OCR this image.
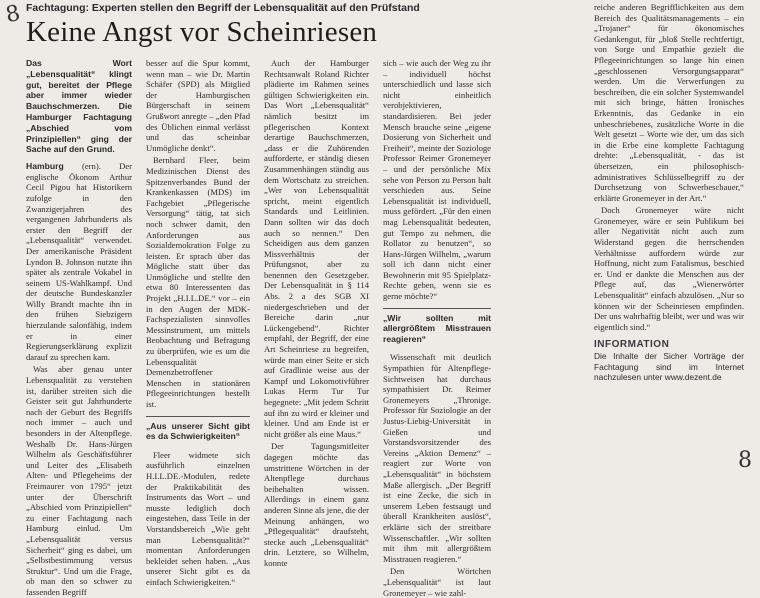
8 Fachtagung: Experten stellen den Begriff der Lebensqualität auf den Prüfstand
Keine Angst vor Scheinriesen

Das Wort „Lebensqualität“ klingt gut, bereitet der Pflege aber immer wieder Bauchschmerzen. Die Hamburger Fachtagung „Abschied vom Prinzipiellen“ ging der Sache auf den Grund.

Hamburg (ern). Der englische Ökonom Arthur Cecil Pigou hat Historikern zufolge in den Zwanzigerjahren des vergangenen Jahrhunderts als erster den Begriff der „Lebensqualität“ verwendet. Der amerikanische Präsident Lyndon B. Johnson nutzte ihn später als zentrale Vokabel in seinem US-Wahlkampf. Und der deutsche Bundeskanzler Willy Brandt machte ihn in den frühen Siebzigern hierzulande salonfähig, indem er in einer Regierungserklärung explizit darauf zu sprechen kam.

Was aber genau unter Lebensqualität zu verstehen ist, darüber streiten sich die Geister seit gut Jahrhunderte nach der Geburt des Begriffs noch immer – auch und besonders in der Altenpflege. Weshalb Dr. Hans-Jürgen Wilhelm als Geschäftsführer und Leiter des „Elisabeth Alten- und Pflegeheims der Freimaurer von 1795“ jetzt unter der Überschrift „Abschied vom Prinzipiellen“ zu einer Fachtagung nach Hamburg einlud. Um „Lebensqualität versus Sicherheit“ ging es dabei, um „Selbstbestimmung versus Struktur“. Und um die Frage, ob man den so schwer zu fassenden Begriff

besser auf die Spur kommt, wenn man – wie Dr. Martin Schäfer (SPD) als Mitglied der Hamburgischen Bürgerschaft in seinem Grußwort anregte – „den Pfad des Üblichen einmal verlässt und das scheinbar Unmögliche denkt“.

Bernhard Fleer, beim Medizinischen Dienst des Spitzenverbandes Bund der Krankenkassen (MDS) im Fachgebiet „Pflegerische Versorgung“ tätig, tat sich noch schwer damit, den Anforderungen aus Sozialdemokration Folge zu leisten. Er sprach über das Mögliche statt über das Unmögliche und stellte den etwa 80 Interessenten das Projekt „H.I.L.DE.“ vor – ein in den Augen der MDK-Fachspezialisten sinnvolles Messinstrument, um mittels Beobachtung und Befragung zu überprüfen, wie es um die Lebensqualität Demenzbetroffener Menschen in stationären Pflegeeinrichtungen bestellt ist.

„Aus unserer Sicht gibt es da Schwierigkeiten“

Fleer widmete sich ausführlich einzelnen H.I.L.DE.-Modulen, redete der Praktikabilität des Instruments das Wort – und musste lediglich doch eingestehen, dass Teile in der Vorstandsbereich „Wie geht man Lebensqualität?“ momentan Anforderungen bekleidet sehen haben. „Aus unserer Sicht gibt es da einfach Schwierigkeiten.“

Auch der Hamburger Rechtsanwalt Roland Richter plädierte im Rahmen seines gültigen Schwierigkeiten ein. Das Wort „Lebensqualität“ nämlich besitzt im pflegerischen Kontext derartige Bauchschmerzen, „dass er die Zuhörenden aufforderte, er ständig diesen Zusammenhängen ständig aus dem Wortschatz zu streichen. „Wer von Lebensqualität spricht, meint eigentlich Standards und Leitlinien. Dann sollten wir das doch auch so nennen.“ Den Scheidigen aus dem ganzen Missverhältnis der Prüfungsnot, aber zu benennen den Gesetzgeber. Der Lebensqualität in § 114 Abs. 2 a des SGB XI niedergeschrieben und der Bereiche darin „nur Lückengebend“. Richter empfahl, der Begriff, der eine Art Scheinriese zu begreifen, würde man einer Seite er sich auf Gradlinie weise aus der Kampf und Lokomotivführer Lukas Herm Tur Tur begegnete: „Mit jedem Schritt auf ihn zu wird er kleiner und kleiner. Und am Ende ist er nicht größer als eine Maus.“

Der Tagungsmitleiter dagegen möchte das umstrittene Wörtchen in der Altenpflege durchaus beibehalten wissen. Allerdings in einem ganz anderen Sinne als jene, die der Meinung anhängen, wo „Pflegequalität“ draufsteht, stecke auch „Lebensqualität“ drin. Letztere, so Wilhelm, konnte

sich – wie auch der Weg zu ihr – individuell höchst unterschiedlich und lasse sich nicht einheitlich verobjektivieren, standardisieren. Bei jeder Mensch brauche seine „eigene Dosierung von Sicherheit und Freiheit“, meinte der Soziologe Professor Reimer Gronemeyer – und der persönliche Mix sehe von Person zu Person halt verschieden aus. Seine Lebensqualität ist individuell, muss gefördert. „Für den einen mag Lebensqualität bedeuten, gut Tempo zu nehmen, die Rollator zu benutzen“, so Hans-Jürgen Wilhelm, „warum soll ich dann nicht einer Bewohnerin mit 95 Spielplatz-Rechte geben, wenn sie es gerne möchte?“

„Wir sollten mit allergrößtem Misstrauen reagieren“

Wissenschaft mit deutlich Sympathien für Altenpflege-Sichtweisen hat durchaus sympathisiert Dr. Reimer Gronemeyers „Thronige. Professor für Soziologie an der Justus-Liebig-Universität in Gießen und Vorstandsvorsitzender des Vereins „Aktion Demenz“ – reagiert zur Worte von „Lebensqualität“ in höchstem Maße allergisch. „Der Begriff ist eine Zecke, die sich in unserem Leben festsaugt und überall Krankheiten auslöst“, erklärte sich der streitbare Wissenschaftler. „Wir sollten mit ihm mit allergrößtem Misstrauen reagieren.“

Den Wörtchen „Lebensqualität“ ist laut Gronemeyer – wie zahl-

reiche anderen Begrifflichkeiten aus dem Bereich des Qualitätsmanagements – ein „Trojaner“ für ökonomisches Gedankengut, für „bloß Stelle rechtfertigt, von Sorge und Empathie gezielt die Pflegeeinrichtungen so lange hin einen „geschlossenen Versorgungsapparat“ werden. Um die Verwerfungen zu beschreiben, die ein solcher Systemwandel mit sich bringe, hätten Ironisches Erkenntnis, das Gedanke in ein unbeschriebenes, zusätzliche Worte in die Welt gesetzt – Worte wie der, um das sich in die Erbe eine komplette Fachtagung drehte: „Lebensqualität, - das ist übersetzen, ein philosophisch-administratives Schlüsselbegriff zu der Durchsetzung von Schwerbeschauer,“ erklärte Gronemeyer in der Art.“

Doch Gronemeyer wäre nicht Gronemeyer, wäre er sein Publikum bei aller Negativität nicht auch zum Widerstand gegen die herrschenden Verhältnisse auffordern würde zur Hoffnung, nicht zum Fatalismus, beschied er. Und er dankte die Menschen aus der Pflege auf, das „Wienerwörter Lebensqualität“ einfach abzulösen. „Nur so können wir der Scheinriesen empfinden. Der uns wahrhaftig bleibt, wer und was wir eigentlich sind.“

INFORMATION
Die Inhalte der Sicher Vorträge der Fachtagung sind im Internet nachzulesen unter www.dezent.de
8
